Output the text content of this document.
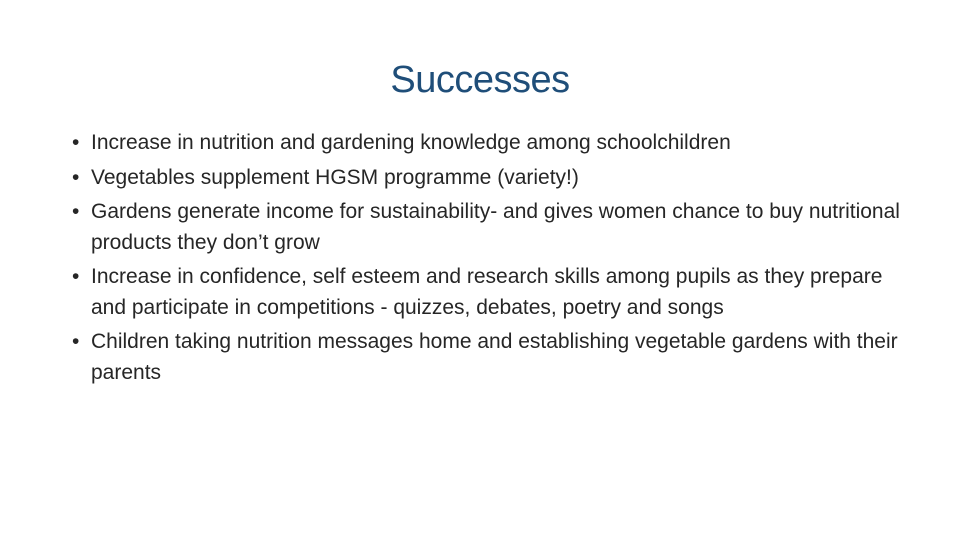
Successes
• Increase in nutrition and gardening knowledge among schoolchildren
• Vegetables supplement HGSM programme (variety!)
• Gardens generate income for sustainability- and gives women chance to buy nutritional products they don’t grow
• Increase in confidence, self esteem and research skills among pupils as they prepare and participate in competitions - quizzes, debates, poetry and songs
• Children taking nutrition messages home and establishing vegetable gardens with their parents
